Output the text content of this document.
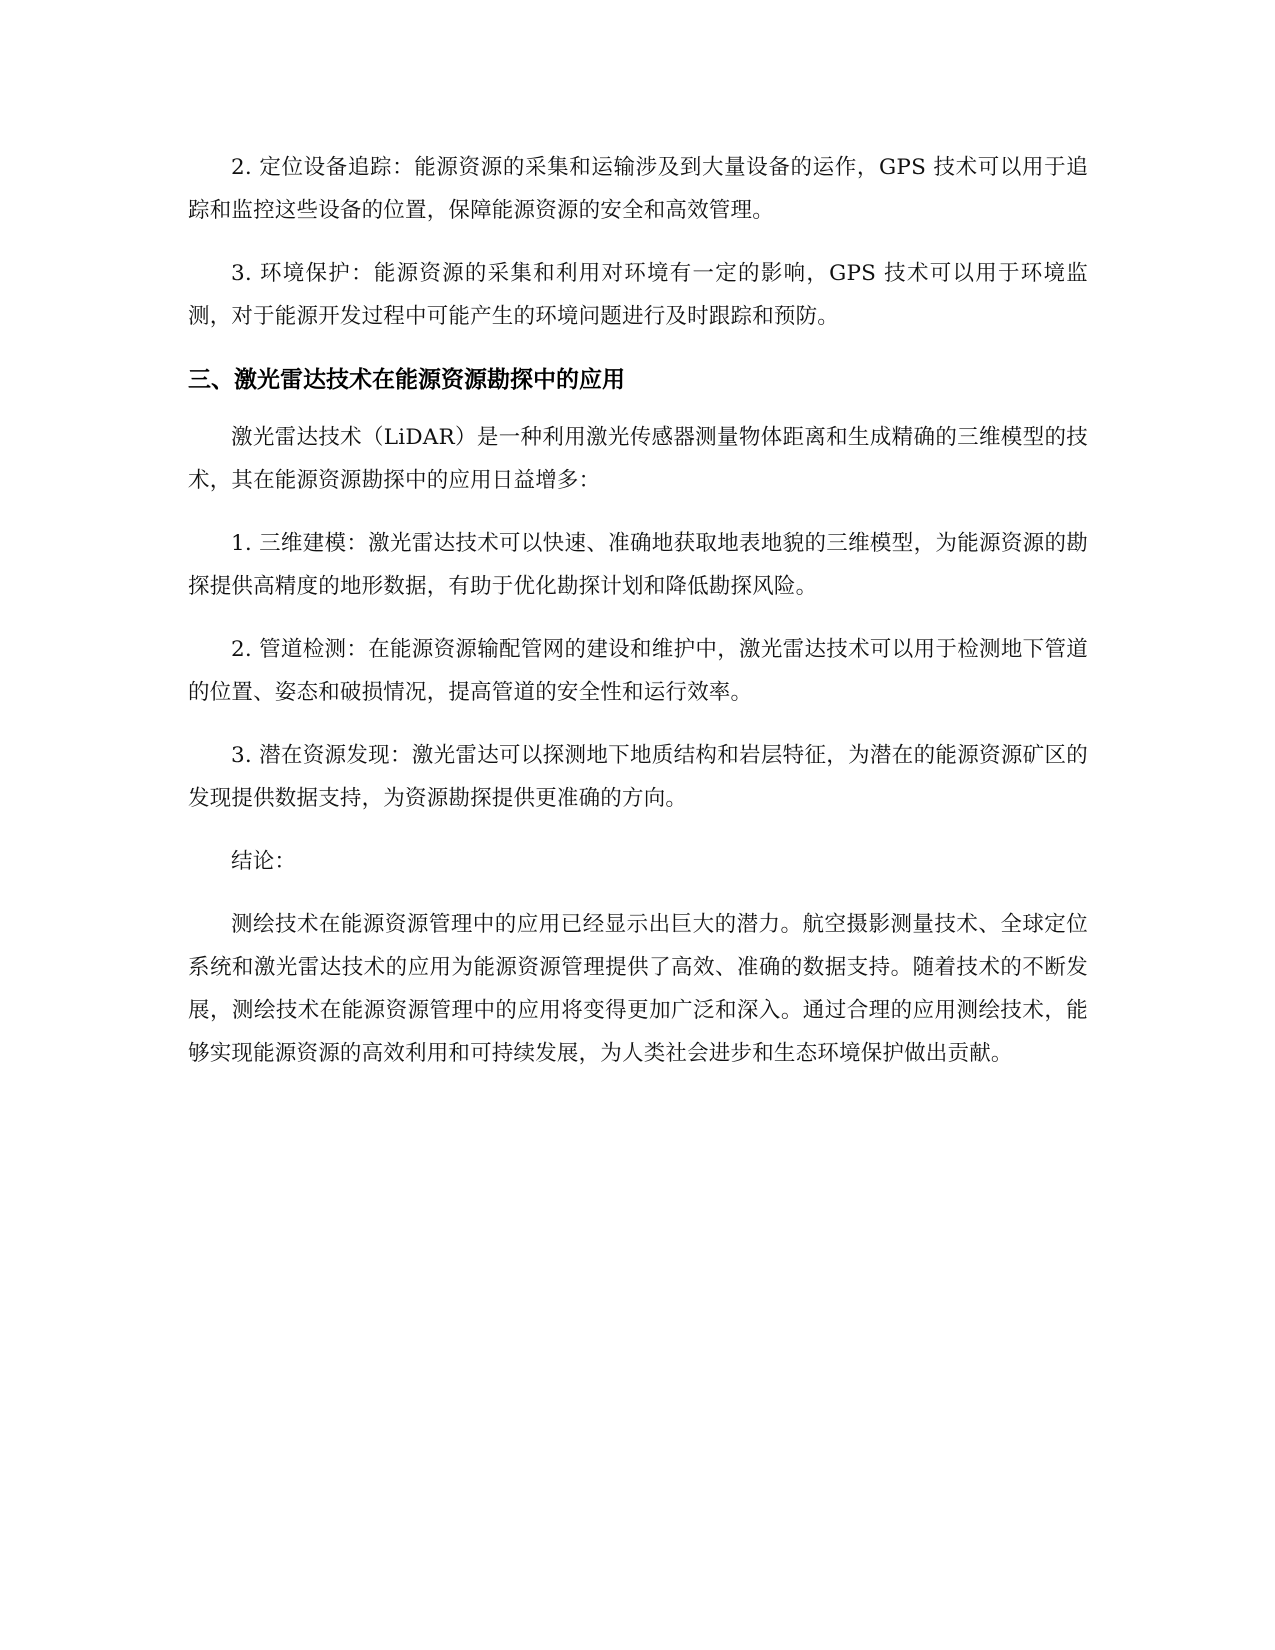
2. 定位设备追踪：能源资源的采集和运输涉及到大量设备的运作，GPS 技术可以用于追踪和监控这些设备的位置，保障能源资源的安全和高效管理。

3. 环境保护：能源资源的采集和利用对环境有一定的影响，GPS 技术可以用于环境监测，对于能源开发过程中可能产生的环境问题进行及时跟踪和预防。

三、激光雷达技术在能源资源勘探中的应用

激光雷达技术（LiDAR）是一种利用激光传感器测量物体距离和生成精确的三维模型的技术，其在能源资源勘探中的应用日益增多：

1. 三维建模：激光雷达技术可以快速、准确地获取地表地貌的三维模型，为能源资源的勘探提供高精度的地形数据，有助于优化勘探计划和降低勘探风险。

2. 管道检测：在能源资源输配管网的建设和维护中，激光雷达技术可以用于检测地下管道的位置、姿态和破损情况，提高管道的安全性和运行效率。

3. 潜在资源发现：激光雷达可以探测地下地质结构和岩层特征，为潜在的能源资源矿区的发现提供数据支持，为资源勘探提供更准确的方向。

结论：

测绘技术在能源资源管理中的应用已经显示出巨大的潜力。航空摄影测量技术、全球定位系统和激光雷达技术的应用为能源资源管理提供了高效、准确的数据支持。随着技术的不断发展，测绘技术在能源资源管理中的应用将变得更加广泛和深入。通过合理的应用测绘技术，能够实现能源资源的高效利用和可持续发展，为人类社会进步和生态环境保护做出贡献。
